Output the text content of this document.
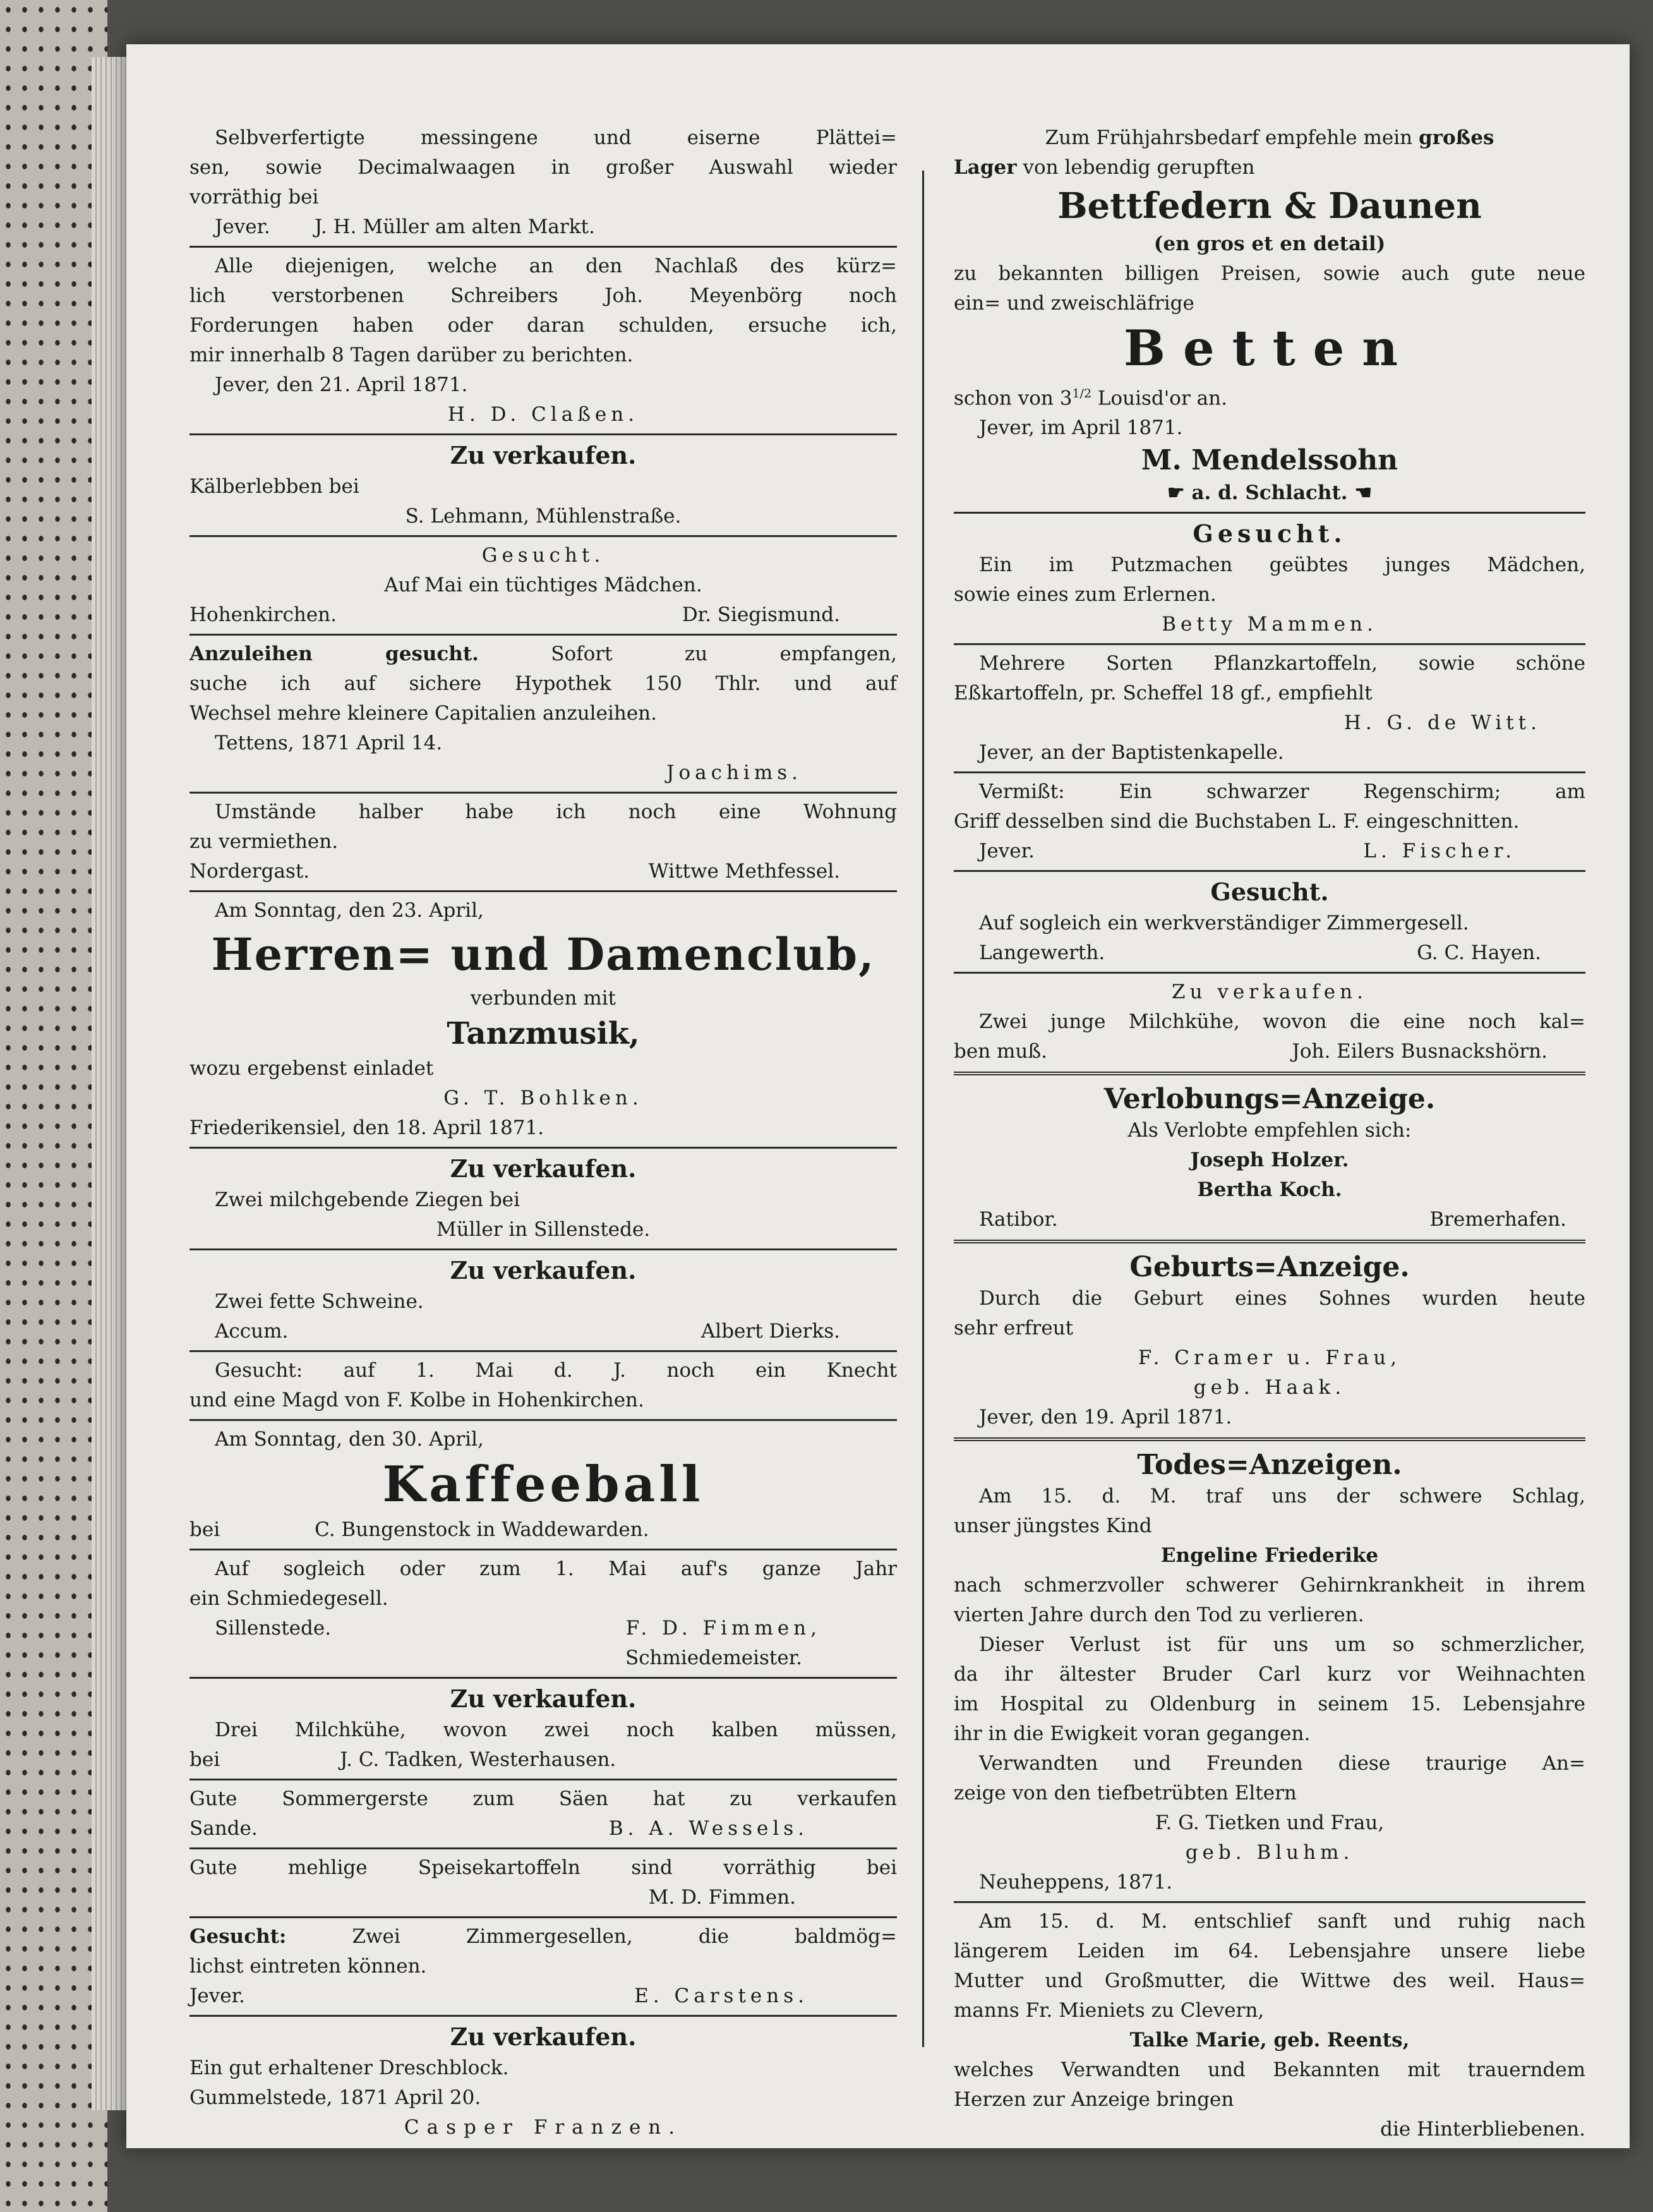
Selbverfertigte messingene und eiserne Plättei=
sen, sowie Decimalwaagen in großer Auswahl wieder
vorräthig bei
Jever. J. H. Müller am alten Markt.
Alle diejenigen, welche an den Nachlaß des kürz=
lich verstorbenen Schreibers Joh. Meyenbörg noch
Forderungen haben oder daran schulden, ersuche ich,
mir innerhalb 8 Tagen darüber zu berichten.
Jever, den 21. April 1871.
H. D. Claßen.
Zu verkaufen.
Kälberlebben bei
S. Lehmann, Mühlenstraße.
Gesucht.
Auf Mai ein tüchtiges Mädchen.
Hohenkirchen.	Dr. Siegismund.
Anzuleihen gesucht.	Sofort zu empfangen,
suche ich auf sichere Hypothek 150 Thlr. und auf
Wechsel mehre kleinere Capitalien anzuleihen.
Tettens, 1871 April 14.
Joachims.
Umstände halber habe ich noch eine Wohnung
zu vermiethen.
Nordergast.	Wittwe Methfessel.
Am Sonntag, den 23. April,
Herren= und Damenclub,
verbunden mit
Tanzmusik,
wozu ergebenst einladet
G. T. Bohlken.
Friederikensiel, den 18. April 1871.
Zu verkaufen.
Zwei milchgebende Ziegen bei
Müller in Sillenstede.
Zu verkaufen.
Zwei fette Schweine.
Accum.	Albert Dierks.
Gesucht: auf 1. Mai d. J. noch ein Knecht
und eine Magd von F. Kolbe in Hohenkirchen.
Am Sonntag, den 30. April,
Kaffeeball
bei	C. Bungenstock in Waddewarden.
Auf sogleich oder zum 1. Mai auf's ganze Jahr
ein Schmiedegesell.
Sillenstede.	F. D. Fimmen,
Schmiedemeister.
Zu verkaufen.
Drei Milchkühe, wovon zwei noch kalben müssen,
bei	J. C. Tadken, Westerhausen.
Gute Sommergerste zum Säen hat zu verkaufen
Sande.	B. A. Wessels.
Gute mehlige Speisekartoffeln sind vorräthig bei
M. D. Fimmen.
Gesucht:	Zwei Zimmergesellen, die baldmög=
lichst eintreten können.
Jever.	E. Carstens.
Zu verkaufen.
Ein gut erhaltener Dreschblock.
Gummelstede, 1871 April 20.
Casper Franzen.
Zum Frühjahrsbedarf empfehle mein großes
Lager von lebendig gerupften
Bettfedern & Daunen
(en gros et en detail)
zu bekannten billigen Preisen, sowie auch gute neue
ein= und zweischläfrige
Betten
schon von $3^{1/2}$ Louisd'or an.
Jever, im April 1871.
M. Mendelssohn
☛ a. d. Schlacht. ☚
Gesucht.
Ein im Putzmachen geübtes junges Mädchen,
sowie eines zum Erlernen.
Betty Mammen.
Mehrere Sorten Pflanzkartoffeln, sowie schöne
Eßkartoffeln, pr. Scheffel 18 gf., empfiehlt
H. G. de Witt.
Jever, an der Baptistenkapelle.
Vermißt: Ein schwarzer Regenschirm; am
Griff desselben sind die Buchstaben L. F. eingeschnitten.
Jever.	L. Fischer.
Gesucht.
Auf sogleich ein werkverständiger Zimmergesell.
Langewerth.	G. C. Hayen.
Zu verkaufen.
Zwei junge Milchkühe, wovon die eine noch kal=
ben muß.	Joh. Eilers Busnackshörn.
Verlobungs=Anzeige.
Als Verlobte empfehlen sich:
Joseph Holzer.
Bertha Koch.
Ratibor.	Bremerhafen.
Geburts=Anzeige.
Durch die Geburt eines Sohnes wurden heute
sehr erfreut
F. Cramer u. Frau,
geb. Haak.
Jever, den 19. April 1871.
Todes=Anzeigen.
Am 15. d. M. traf uns der schwere Schlag,
unser jüngstes Kind
Engeline Friederike
nach schmerzvoller schwerer Gehirnkrankheit in ihrem
vierten Jahre durch den Tod zu verlieren.
Dieser Verlust ist für uns um so schmerzlicher,
da ihr ältester Bruder Carl kurz vor Weihnachten
im Hospital zu Oldenburg in seinem 15. Lebensjahre
ihr in die Ewigkeit voran gegangen.
Verwandten und Freunden diese traurige An=
zeige von den tiefbetrübten Eltern
F. G. Tietken und Frau,
geb. Bluhm.
Neuheppens, 1871.
Am 15. d. M. entschlief sanft und ruhig nach
längerem Leiden im 64. Lebensjahre unsere liebe
Mutter und Großmutter, die Wittwe des weil. Haus=
manns Fr. Mieniets zu Clevern,
Talke Marie, geb. Reents,
welches Verwandten und Bekannten mit trauerndem
Herzen zur Anzeige bringen
die Hinterbliebenen.
